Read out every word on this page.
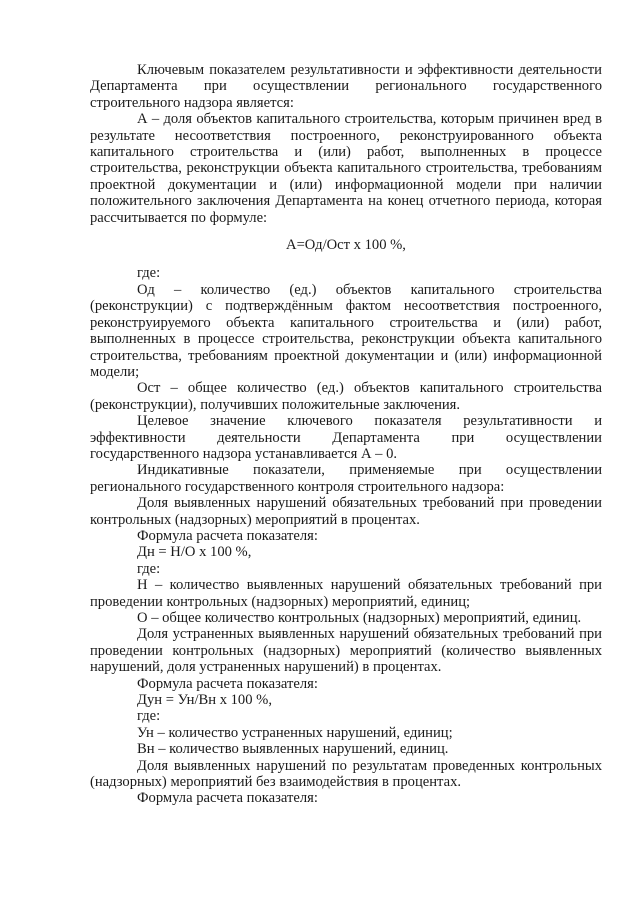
Ключевым показателем результативности и эффективности деятельности Департамента при осуществлении регионального государственного строительного надзора является:

А – доля объектов капитального строительства, которым причинен вред в результате несоответствия построенного, реконструированного объекта капитального строительства и (или) работ, выполненных в процессе строительства, реконструкции объекта капитального строительства, требованиям проектной документации и (или) информационной модели при наличии положительного заключения Департамента на конец отчетного периода, которая рассчитывается по формуле:

А=Од/Ост х 100 %,

где:

Од – количество (ед.) объектов капитального строительства (реконструкции) с подтверждённым фактом несоответствия построенного, реконструируемого объекта капитального строительства и (или) работ, выполненных в процессе строительства, реконструкции объекта капитального строительства, требованиям проектной документации и (или) информационной модели;

Ост – общее количество (ед.) объектов капитального строительства (реконструкции), получивших положительные заключения.

Целевое значение ключевого показателя результативности и эффективности деятельности Департамента при осуществлении государственного надзора устанавливается А – 0.

Индикативные показатели, применяемые при осуществлении регионального государственного контроля строительного надзора:

Доля выявленных нарушений обязательных требований при проведении контрольных (надзорных) мероприятий в процентах.

Формула расчета показателя:

Дн = Н/О х 100 %,

где:

Н – количество выявленных нарушений обязательных требований при проведении контрольных (надзорных) мероприятий, единиц;

О – общее количество контрольных (надзорных) мероприятий, единиц.

Доля устраненных выявленных нарушений обязательных требований при проведении контрольных (надзорных) мероприятий (количество выявленных нарушений, доля устраненных нарушений) в процентах.

Формула расчета показателя:

Дун = Ун/Вн х 100 %,

где:

Ун – количество устраненных нарушений, единиц;

Вн – количество выявленных нарушений, единиц.

Доля выявленных нарушений по результатам проведенных контрольных (надзорных) мероприятий без взаимодействия в процентах.

Формула расчета показателя:
